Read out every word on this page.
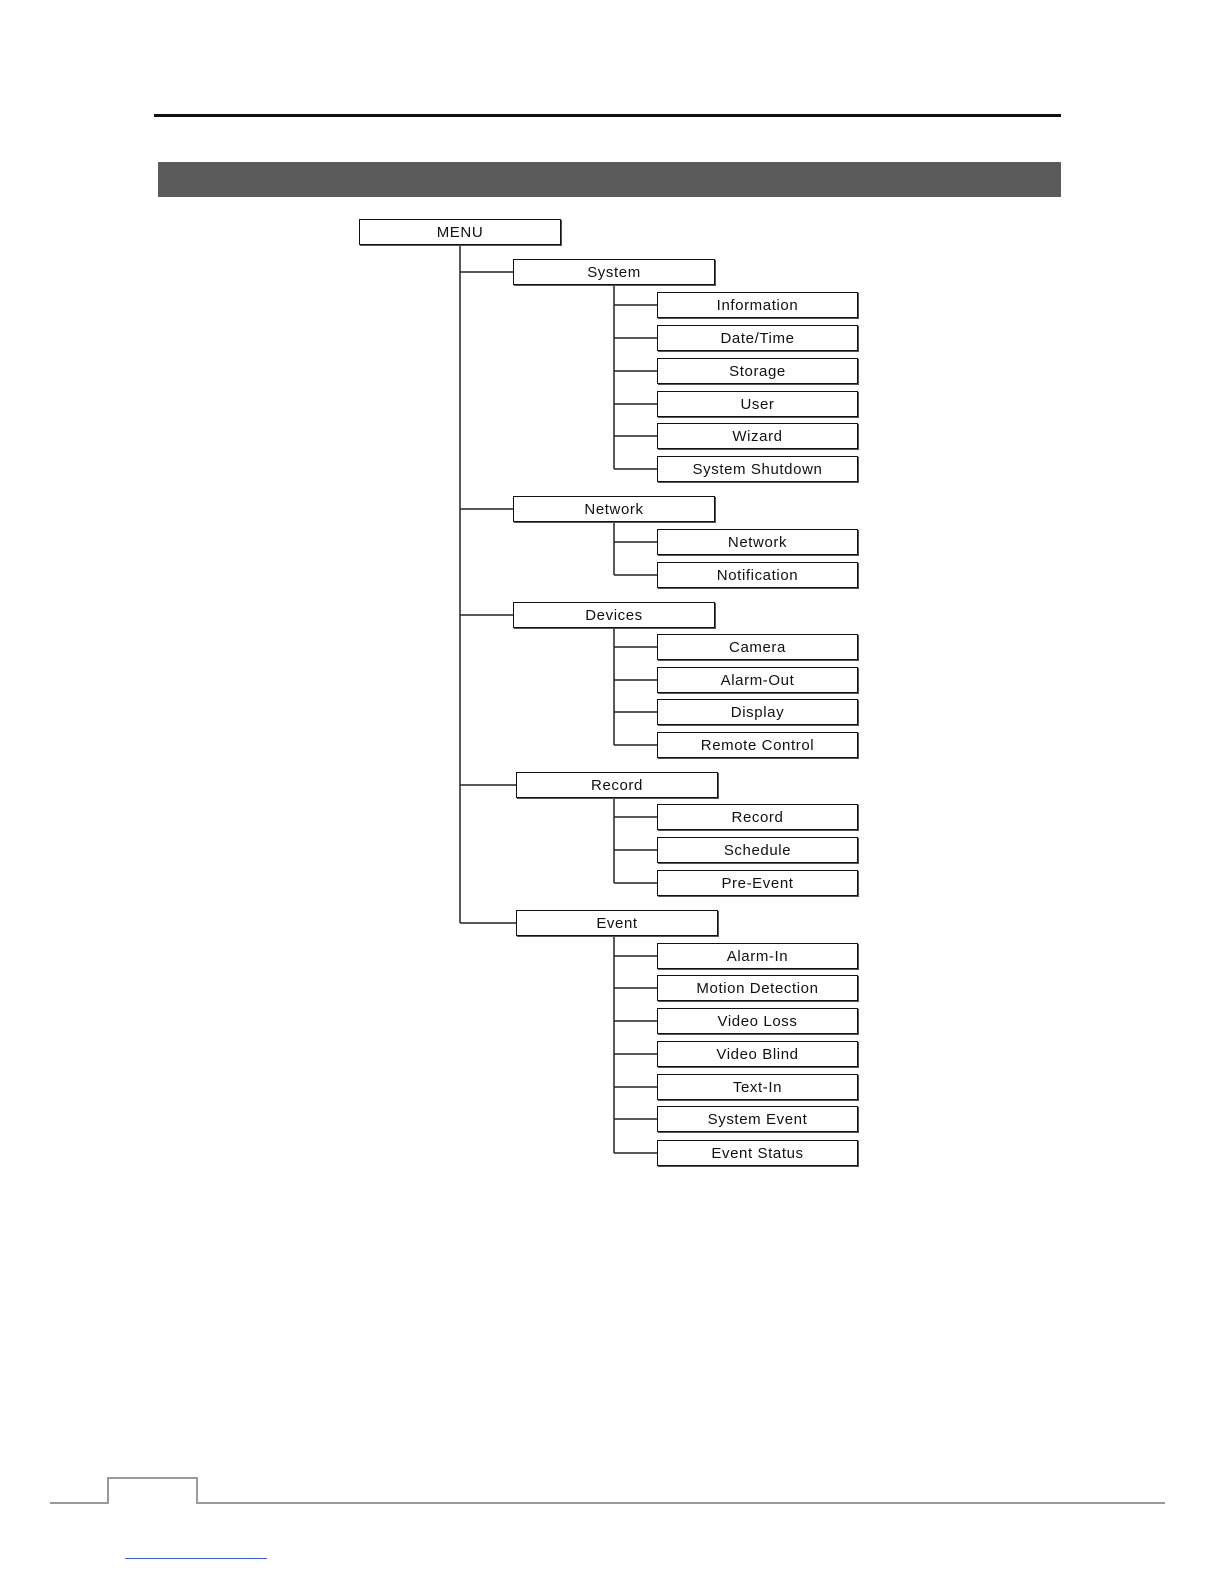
MENU
System
Information
Date/Time
Storage
User
Wizard
System Shutdown
Network
Network
Notification
Devices
Camera
Alarm-Out
Display
Remote Control
Record
Record
Schedule
Pre-Event
Event
Alarm-In
Motion Detection
Video Loss
Video Blind
Text-In
System Event
Event Status
